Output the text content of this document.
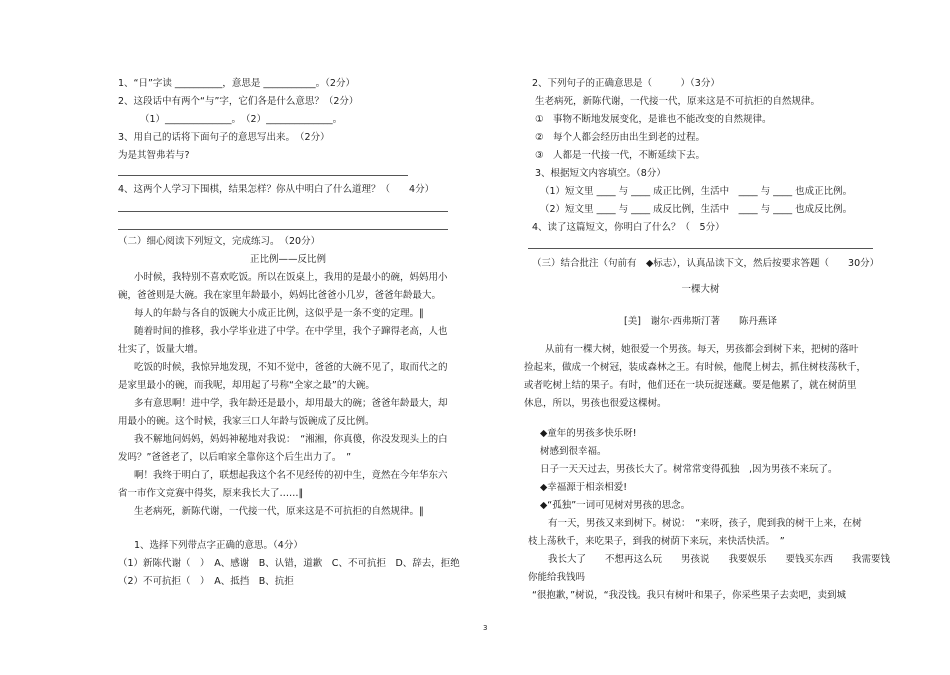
1、“日”字读 __________，意思是 ___________。（2分）
2、这段话中有两个“与”字，它们各是什么意思？（2分）
（1）______________。　（2）______________。
3、用自己的话将下面句子的意思写出来。　（2分）
为是其智弗若与?
4、这两个人学习下围棋，结果怎样？你从中明白了什么道理？（　　4分）
（二）细心阅读下列短文，完成练习。　（20分）
正比例——反比例
小时候，我特别不喜欢吃饭。所以在饭桌上，我用的是最小的碗，妈妈用小
碗，爸爸则是大碗。我在家里年龄最小，妈妈比爸爸小几岁，爸爸年龄最大。
每人的年龄与各自的饭碗大小成正比例，这似乎是一条不变的定理。‖
随着时间的推移，我小学毕业进了中学。在中学里，我个子蹿得老高，人也
壮实了，饭量大增。
吃饭的时候，我惊异地发现，不知不觉中，爸爸的大碗不见了，取而代之的
是家里最小的碗，而我呢，却用起了号称“全家之最”的大碗。
多有意思啊！进中学，我年龄还是最小，却用最大的碗；爸爸年龄最大，却
用最小的碗。这个时候，我家三口人年龄与饭碗成了反比例。
我不解地问妈妈，妈妈神秘地对我说：　“湘湘，你真傻，你没发现头上的白
发吗？”爸爸老了，以后咱家全靠你这个后生出力了。　”
啊！我终于明白了，联想起我这个名不见经传的初中生，竟然在今年华东六
省一市作文竞赛中得奖，原来我长大了……‖
生老病死，新陈代谢，一代接一代，原来这是不可抗拒的自然规律。‖
1、选择下列带点字正确的意思。（4分）
（1）新陈代谢（　）　A、感谢　B、认错，道歉　C、不可抗拒　D、辞去，拒绝
（2）不可抗拒（　）　A、抵挡　B、抗拒
2、下列句子的正确意思是（　　　）（3分）
生老病死，新陈代谢，一代接一代，原来这是不可抗拒的自然规律。
①　事物不断地发展变化，是谁也不能改变的自然规律。
②　每个人都会经历由出生到老的过程。
③　人都是一代接一代，不断延续下去。
3、根据短文内容填空。（8分）
（1）短文里 ____ 与 ____ 成正比例，生活中　____ 与 ____ 也成正比例。
（2）短文里 ____ 与 ____ 成反比例，生活中　____ 与 ____ 也成反比例。
4、读了这篇短文，你明白了什么？（　5分）
（三）结合批注（句前有　◆标志），认真品读下文，然后按要求答题（　　30分）
一棵大树
[美]　谢尔·西弗斯汀著　　陈丹燕译
从前有一棵大树，她很爱一个男孩。每天，男孩都会到树下来，把树的落叶
捡起来，做成一个树冠，装成森林之王。有时候，他爬上树去，抓住树枝荡秋千，
或者吃树上结的果子。有时，他们还在一块玩捉迷藏。要是他累了，就在树荫里
休息，所以，男孩也很爱这棵树。
◆童年的男孩多快乐呀!
树感到很幸福。
日子一天天过去，男孩长大了。树常常变得孤独　,因为男孩不来玩了。
◆幸福源于相亲相爱!
◆“孤独”一词可见树对男孩的思念。
有一天，男孩又来到树下。树说：　“来呀，孩子，爬到我的树干上来，在树
枝上荡秋千，来吃果子，到我的树荫下来玩，来快活快活。　”
我长大了　　不想再这么玩　　男孩说　　我要娱乐　　要钱买东西　　我需要钱
你能给我钱吗
“很抱歉，”树说，“我没钱。我只有树叶和果子，你采些果子去卖吧，卖到城
3
